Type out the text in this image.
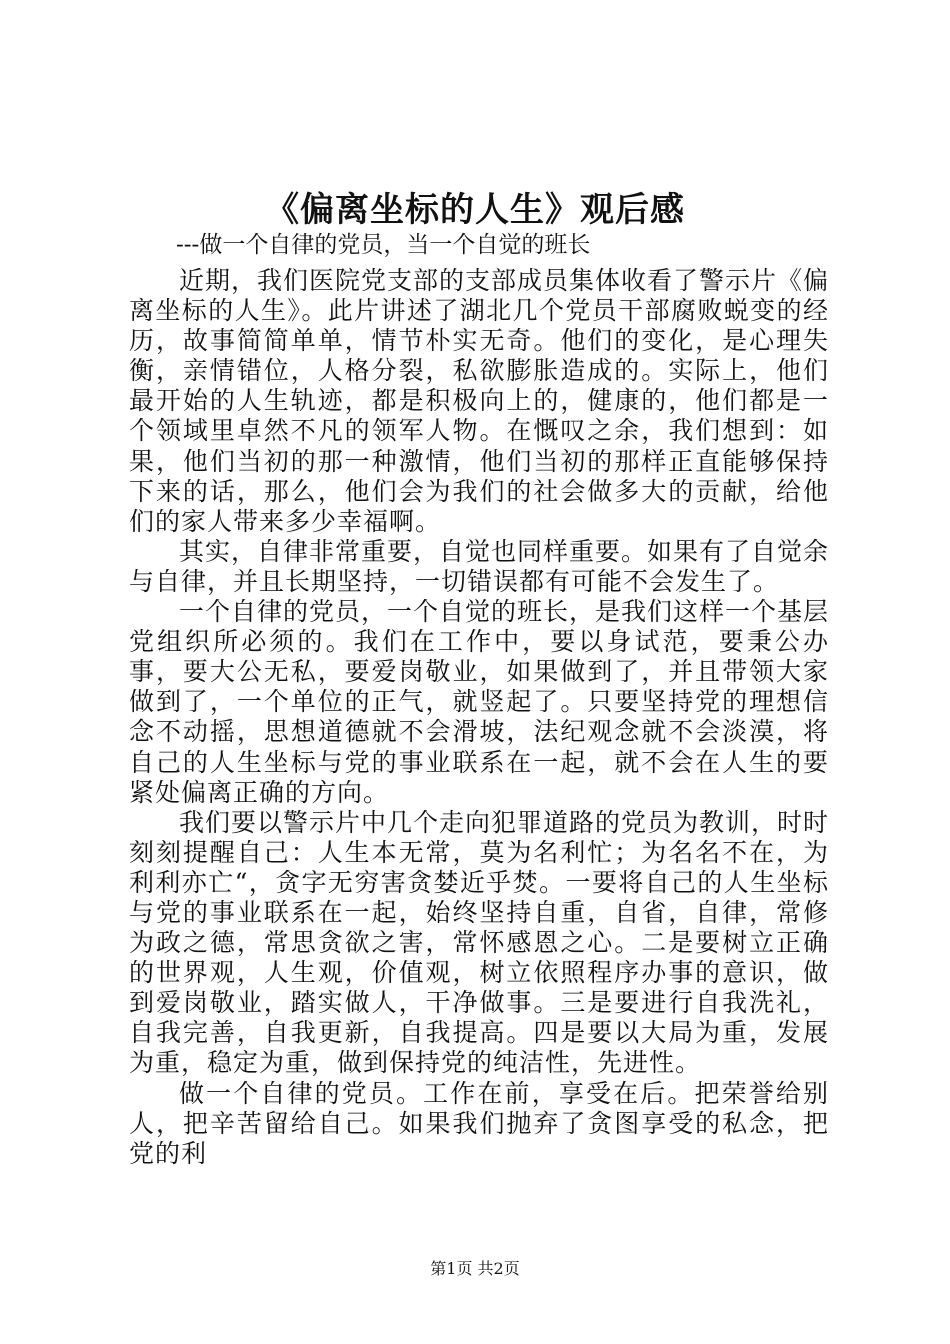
《偏离坐标的人生》观后感

---做一个自律的党员，当一个自觉的班长

近期，我们医院党支部的支部成员集体收看了警示片《偏离坐标的人生》。此片讲述了湖北几个党员干部腐败蜕变的经历，故事简简单单，情节朴实无奇。他们的变化，是心理失衡，亲情错位，人格分裂，私欲膨胀造成的。实际上，他们最开始的人生轨迹，都是积极向上的，健康的，他们都是一个领域里卓然不凡的领军人物。在慨叹之余，我们想到：如果，他们当初的那一种激情，他们当初的那样正直能够保持下来的话，那么，他们会为我们的社会做多大的贡献，给他们的家人带来多少幸福啊。

其实，自律非常重要，自觉也同样重要。如果有了自觉余与自律，并且长期坚持，一切错误都有可能不会发生了。

一个自律的党员，一个自觉的班长，是我们这样一个基层党组织所必须的。我们在工作中，要以身试范，要秉公办事，要大公无私，要爱岗敬业，如果做到了，并且带领大家做到了，一个单位的正气，就竖起了。只要坚持党的理想信念不动摇，思想道德就不会滑坡，法纪观念就不会淡漠，将自己的人生坐标与党的事业联系在一起，就不会在人生的要紧处偏离正确的方向。

我们要以警示片中几个走向犯罪道路的党员为教训，时时刻刻提醒自己：人生本无常，莫为名利忙；为名名不在，为利利亦亡“，贪字无穷害贪婪近乎焚。一要将自己的人生坐标与党的事业联系在一起，始终坚持自重，自省，自律，常修为政之德，常思贪欲之害，常怀感恩之心。二是要树立正确的世界观，人生观，价值观，树立依照程序办事的意识，做到爱岗敬业，踏实做人，干净做事。三是要进行自我洗礼，自我完善，自我更新，自我提高。四是要以大局为重，发展为重，稳定为重，做到保持党的纯洁性，先进性。

做一个自律的党员。工作在前，享受在后。把荣誉给别人，把辛苦留给自己。如果我们抛弃了贪图享受的私念，把党的利

第1页 共2页
